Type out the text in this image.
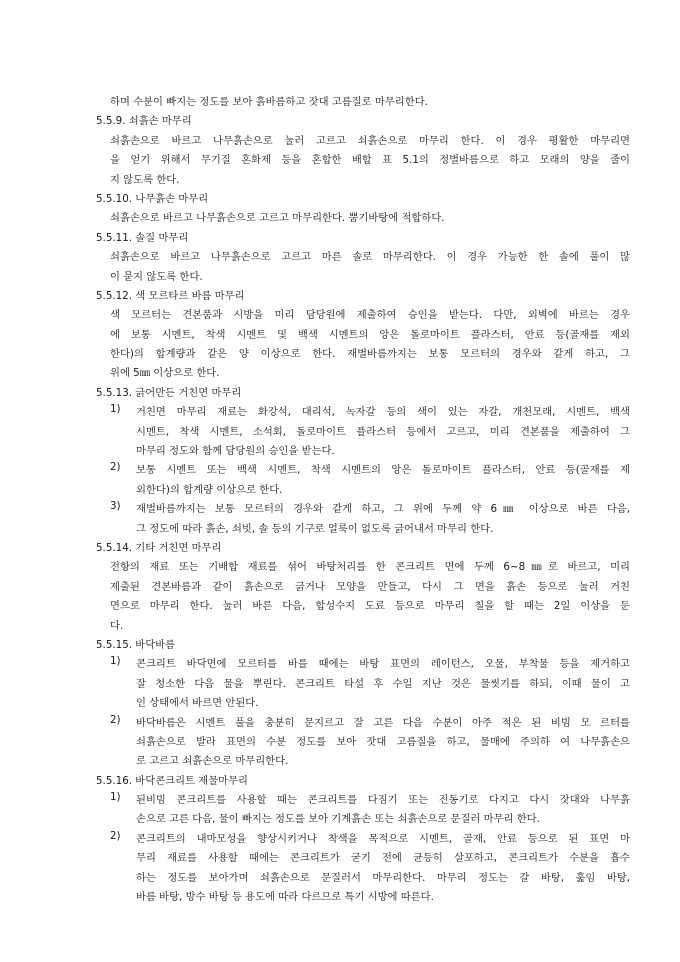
하며 수분이 빠지는 정도를 보아 흙바름하고 잣대 고름질로 마무리한다.
5.5.9. 쇠흙손 마무리
쇠흙손으로 바르고 나무흙손으로 눌러 고르고 쇠흙손으로 마무리 한다. 이 경우 평활한 마무리면
을 얻기 위해서 무기질 혼화제 등을 혼합한 배합 표 5.1의 정벌바름으로 하고 모래의 양을 줄이
지 않도록 한다.
5.5.10. 나무흙손 마무리
쇠흙손으로 바르고 나무흙손으로 고르고 마무리한다. 뿜기바탕에 적합하다.
5.5.11. 솔질 마무리
쇠흙손으로 바르고 나무흙손으로 고르고 마른 솔로 마무리한다. 이 경우 가능한 한 솔에 풀이 많
이 묻지 않도록 한다.
5.5.12. 색 모르타르 바름 마무리
색 모르터는 견본품과 시방을 미리 담당원에 제출하여 승인을 받는다. 다만, 외벽에 바르는 경우
에 보통 시멘트, 착색 시멘트 및 백색 시멘트의 앙은 돌로마이트 플라스터, 안료 등(골재를 제외
한다)의 합계량과 같은 양 이상으로 한다. 재벌바름까지는 보통 모르터의 경우와 같게 하고, 그
위에 5㎜ 이상으로 한다.
5.5.13. 긁어만든 거친면 마무리
1) 거친면 마무리 재료는 화강석, 대리석, 녹자갈 등의 색이 있는 자갈, 개천모래, 시멘트, 백색
시멘트, 착색 시멘트, 소석회, 돌로마이트 플라스터 등에서 고르고, 미리 견본품을 제출하여 그
마무리 정도와 함께 담당원의 승인을 받는다.
2) 보통 시멘트 또는 백색 시멘트, 착색 시멘트의 앙은 돌로마이트 플라스터, 안료 등(골재를 제
외한다)의 합계량 이상으로 한다.
3) 재벌바름까지는 보통 모르터의 경우와 같게 하고, 그 위에 두께 약 6㎜ 이상으로 바른 다음,
그 정도에 따라 흙손, 쇠빗, 솔 등의 기구로 얼룩이 없도록 긁어내서 마무리 한다.
5.5.14. 기타 거친면 마무리
전항의 재료 또는 기배합 재료를 섞어 바탕처리를 한 콘크리트 면에 두께 6~8㎜로 바르고, 미리
제출된 견본바름과 같이 흙손으로 긁거나 모양을 만들고, 다시 그 면을 흙손 등으로 눌러 거친
면으로 마무리 한다. 눌러 바른 다음, 합성수지 도료 등으로 마무리 칠을 할 때는 2일 이상을 둔
다.
5.5.15. 바닥바름
1) 콘크리트 바닥면에 모르터를 바를 때에는 바탕 표면의 레이턴스, 오물, 부착물 등을 제거하고
잘 청소한 다음 물을 뿌린다. 콘크리트 타설 후 수일 지난 것은 물씻기를 하되, 이때 물이 고
인 상태에서 바르면 안된다.
2) 바닥바름은 시멘트 풀을 충분히 문지르고 잘 고른 다음 수분이 아주 적은 된 비빔 모 르터를
쇠흙손으로 발라 표면의 수분 정도를 보아 잣대 고름질을 하고, 물매에 주의하 여 나무흙손으
로 고르고 쇠흙손으로 마무리한다.
5.5.16. 바닥콘크리트 제물마무리
1) 된비빔 콘크리트를 사용할 때는 콘크리트를 다짐기 또는 진동기로 다지고 다시 잣대와 나무흙
손으로 고른 다음, 물이 빠지는 정도를 보아 기계흙손 또는 쇠흙손으로 문질러 마무리 한다.
2) 콘크리트의 내마모성을 향상시키거나 착색을 목적으로 시멘트, 골재, 안료 등으로 된 표면 마
무리 재료를 사용할 때에는 콘크리트가 굳기 전에 균등히 살포하고, 콘크리트가 수분을 흡수
하는 정도를 보아가며 쇠흙손으로 문질러서 마무리한다. 마무리 정도는 갈 바탕, 훑임 바탕,
바름 바탕, 방수 바탕 등 용도에 따라 다르므로 특기 시방에 따른다.
